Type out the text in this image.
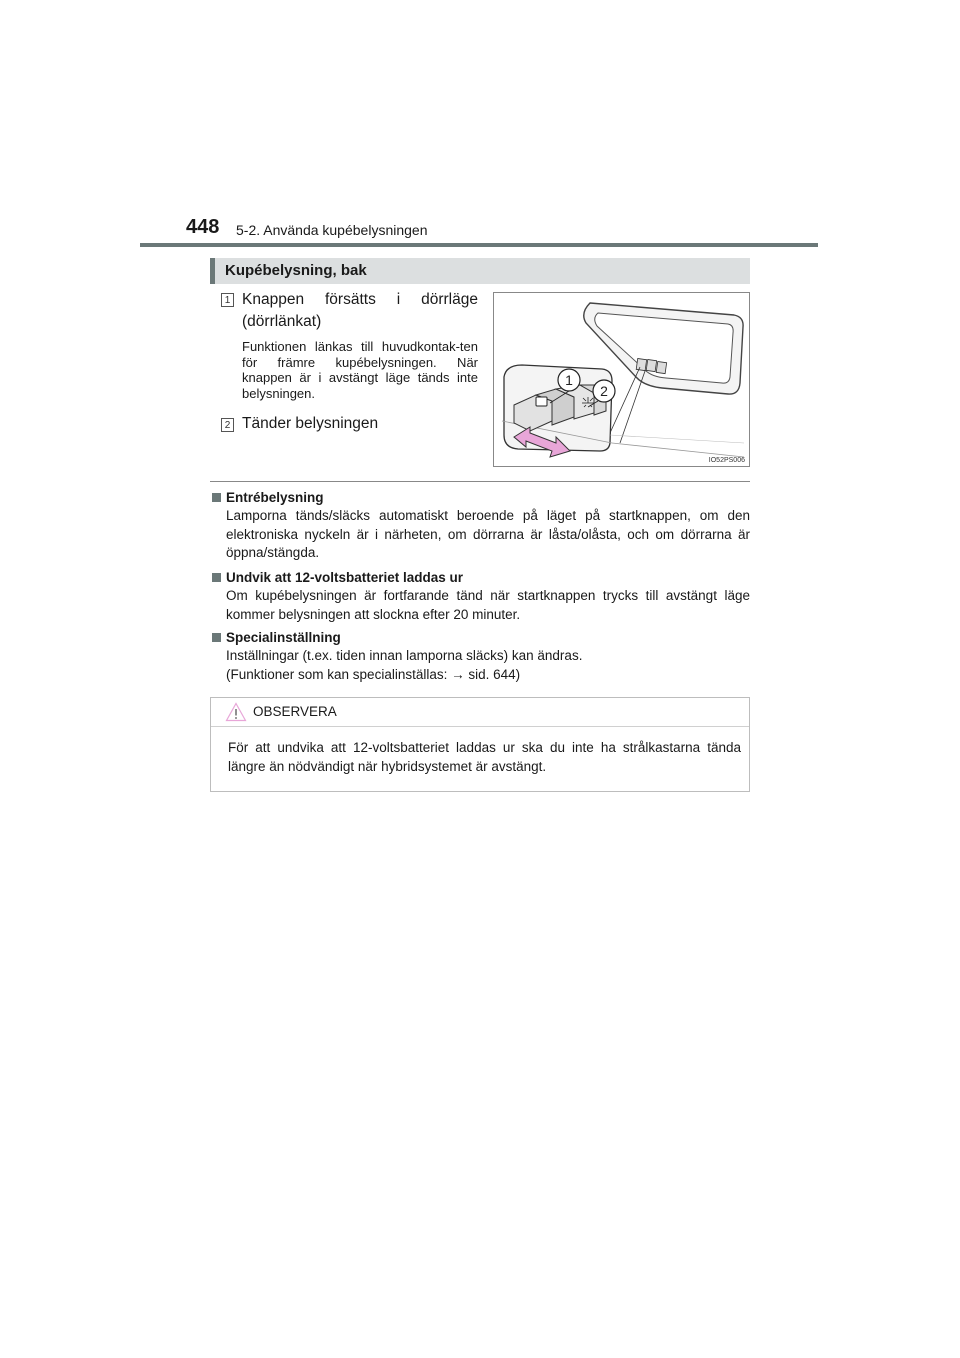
448 5-2. Använda kupébelysningen
Kupébelysning, bak
1 Knappen försätts i dörrläge (dörrlänkat)
Funktionen länkas till huvudkontak-ten för främre kupébelysningen. När knappen är i avstängt läge tänds inte belysningen.
2 Tänder belysningen
1
2
IO52PS006
Entrébelysning
Lamporna tänds/släcks automatiskt beroende på läget på startknappen, om den elektroniska nyckeln är i närheten, om dörrarna är låsta/olåsta, och om dörrarna är öppna/stängda.
Undvik att 12-voltsbatteriet laddas ur
Om kupébelysningen är fortfarande tänd när startknappen trycks till avstängt läge kommer belysningen att slockna efter 20 minuter.
Specialinställning
Inställningar (t.ex. tiden innan lamporna släcks) kan ändras.
(Funktioner som kan specialinställas: → sid. 644)
OBSERVERA
För att undvika att 12-voltsbatteriet laddas ur ska du inte ha strålkastarna tända längre än nödvändigt när hybridsystemet är avstängt.
